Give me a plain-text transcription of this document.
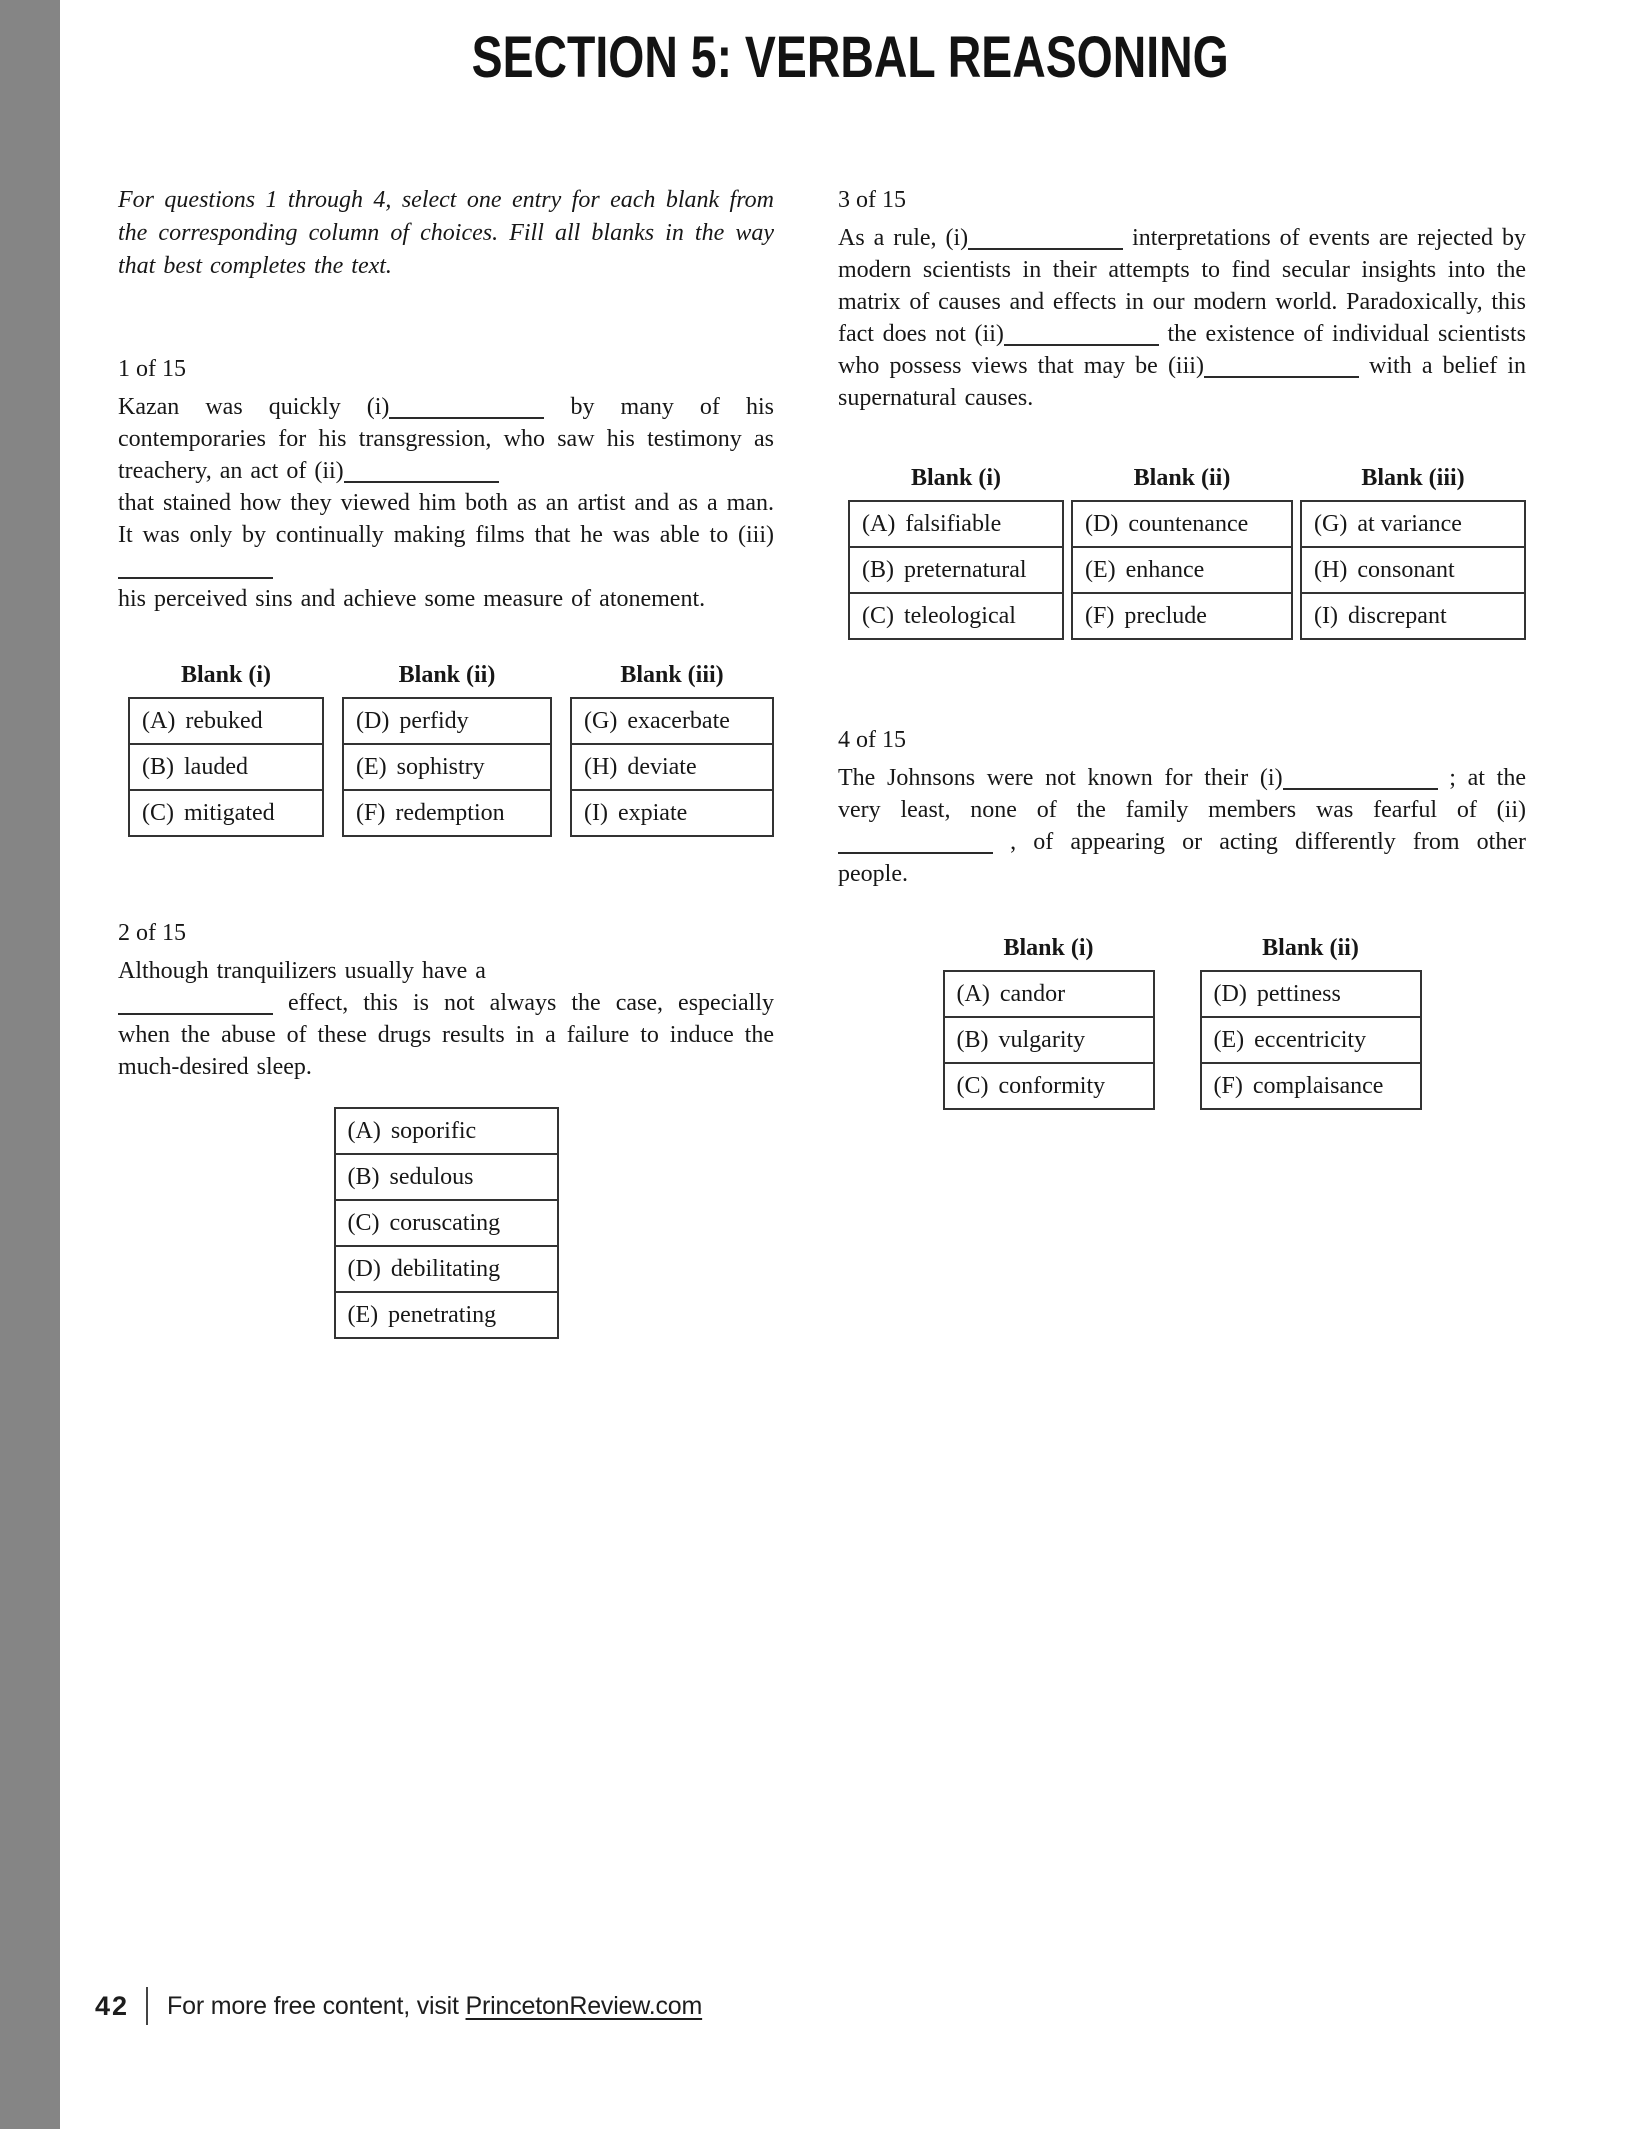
SECTION 5: VERBAL REASONING

For questions 1 through 4, select one entry for each blank from the corresponding column of choices. Fill all blanks in the way that best completes the text.

1 of 15

Kazan was quickly (i)	by many of his contemporaries for his transgression, who saw his testimony as treachery, an act of (ii)
that stained how they viewed him both as an artist and as a man. It was only by continually making films that he was able to (iii)
his perceived sins and achieve some measure of atonement.

Blank (i)
(A) rebuked
(B) lauded
(C) mitigated
Blank (ii)
(D) perfidy
(E) sophistry
(F) redemption
Blank (iii)
(G) exacerbate
(H) deviate
(I) expiate
2 of 15

Although tranquilizers usually have a
effect, this is not always the case, especially when the abuse of these drugs results in a failure to induce the much-desired sleep.

(A) soporific
(B) sedulous
(C) coruscating
(D) debilitating
(E) penetrating
3 of 15

As a rule, (i)	interpretations of events are rejected by modern scientists in their attempts to find secular insights into the matrix of causes and effects in our modern world. Paradoxically, this fact does not (ii)	the existence of individual scientists who possess views that may be (iii)	with a belief in supernatural causes.

Blank (i)
(A) falsifiable
(B) preternatural
(C) teleological
Blank (ii)
(D) countenance
(E) enhance
(F) preclude
Blank (iii)
(G) at variance
(H) consonant
(I) discrepant
4 of 15

The Johnsons were not known for their (i)	; at the very least, none of the family members was fearful of (ii) , of appearing or acting differently from other people.

Blank (i)
(A) candor
(B) vulgarity
(C) conformity
Blank (ii)
(D) pettiness
(E) eccentricity
(F) complaisance
42 For more free content, visit PrincetonReview.com
